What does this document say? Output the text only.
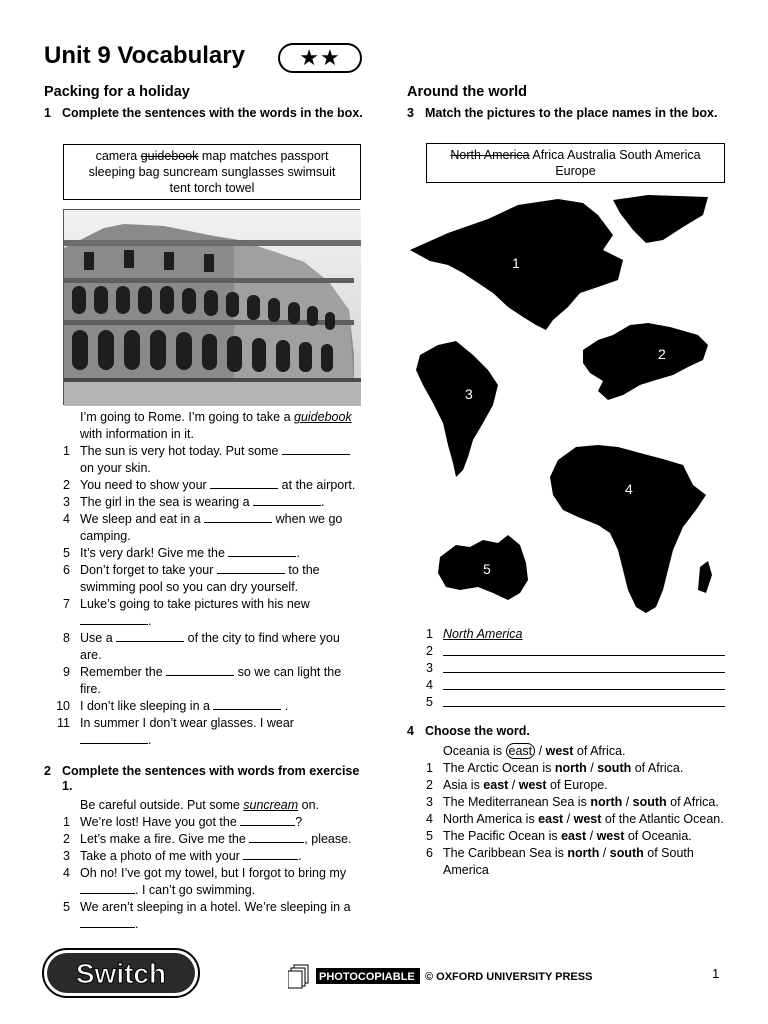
Unit 9 Vocabulary	★★
Packing for a holiday
1 Complete the sentences with the words in the box.
camera guidebook map matches passport
sleeping bag suncream sunglasses swimsuit
tent torch towel
I’m going to Rome. I’m going to take a guidebook with information in it.
1 The sun is very hot today. Put some  on your skin.
2 You need to show your	at the airport.
3 The girl in the sea is wearing a	.
4 We sleep and eat in a	when we go camping.
5 It’s very dark! Give me the	.
6 Don’t forget to take your	to the swimming pool so you can dry yourself.
7 Luke’s going to take pictures with his new .
8 Use a	of the city to find where you are.
9 Remember the	so we can light the fire.
10 I don’t like sleeping in a	.
11 In summer I don’t wear glasses. I wear .
2 Complete the sentences with words from exercise 1.
Be careful outside. Put some suncream on.
1 We’re lost! Have you got the	?
2 Let’s make a fire. Give me the	, please.
3 Take a photo of me with your	.
4 Oh no! I’ve got my towel, but I forgot to bring my . I can’t go swimming.
5 We aren’t sleeping in a hotel. We’re sleeping in a .
Around the world
3 Match the pictures to the place names in the box.
North America Africa Australia South America
Europe
1
2
3
4
5
1 North America
2
3
4
5
4 Choose the word.
Oceania is east / west of Africa.
1 The Arctic Ocean is north / south of Africa.
2 Asia is east / west of Europe.
3 The Mediterranean Sea is north / south of Africa.
4 North America is east / west of the Atlantic Ocean.
5 The Pacific Ocean is east / west of Oceania.
6 The Caribbean Sea is north / south of South America
Switch	PHOTOCOPIABLE © OXFORD UNIVERSITY PRESS	1
